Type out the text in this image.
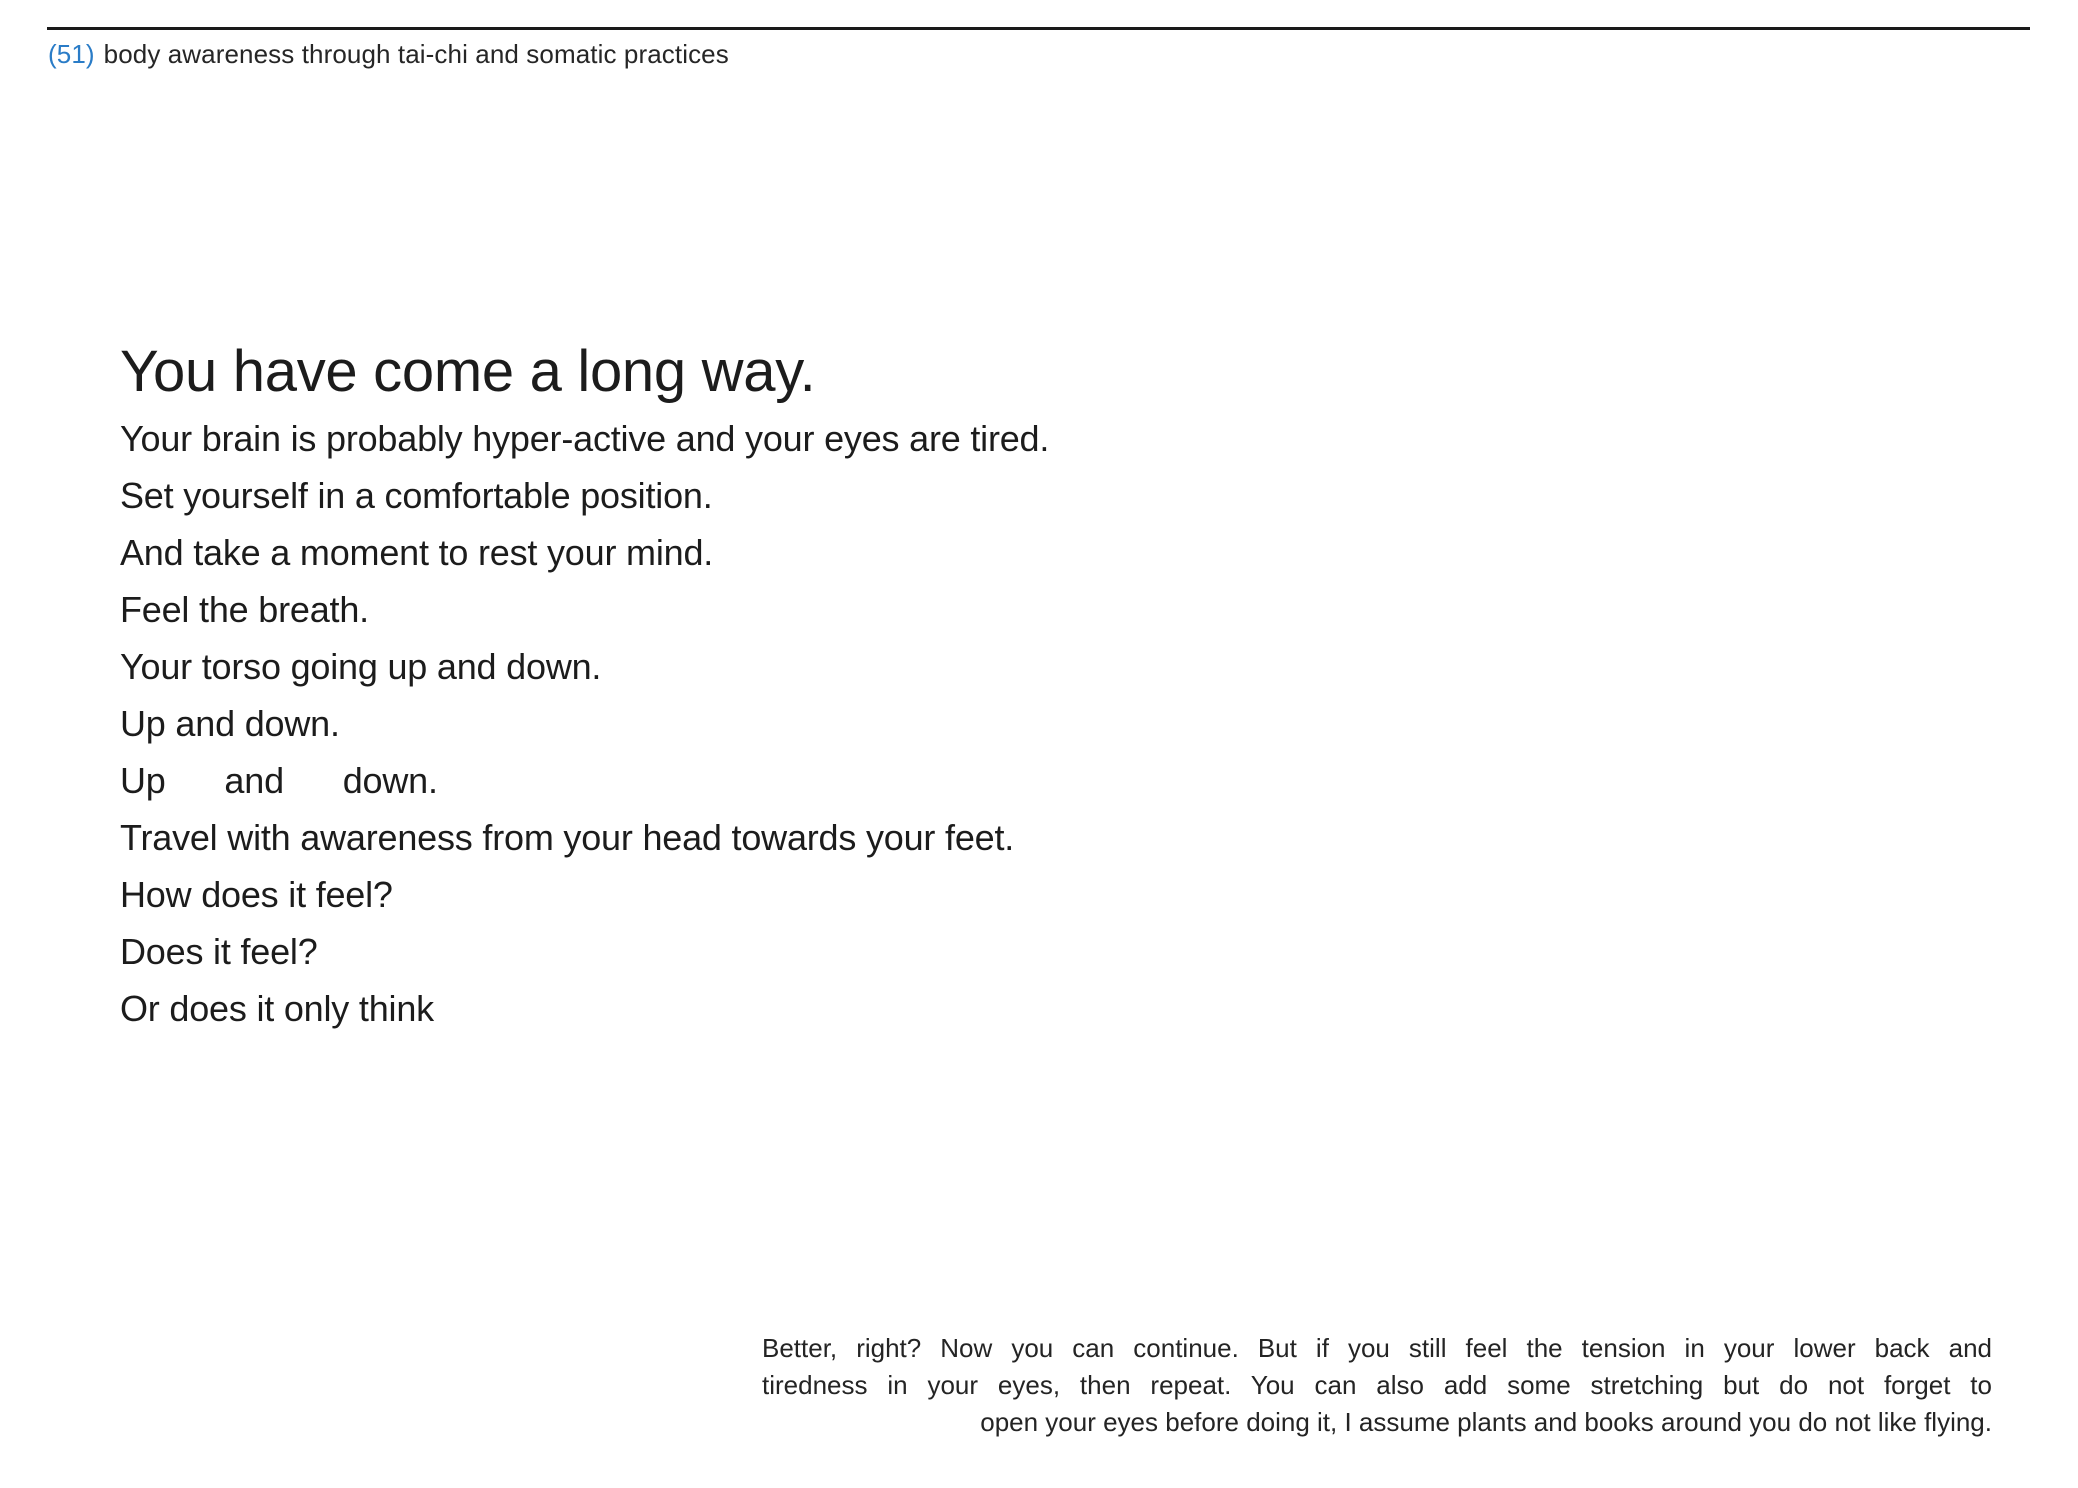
(51) body awareness through tai-chi and somatic practices
You have come a long way.
Your brain is probably hyper-active and your eyes are tired.
Set yourself in a comfortable position.
And take a moment to rest your mind.
Feel the breath.
Your torso going up and down.
Up and down.
Up      and      down.
Travel with awareness from your head towards your feet.
How does it feel?
Does it feel?
Or does it only think
Better, right? Now you can continue. But if you still feel the tension in your lower back and
tiredness in your eyes, then repeat. You can also add some stretching but do not forget to
open your eyes before doing it, I assume plants and books around you do not like flying.
